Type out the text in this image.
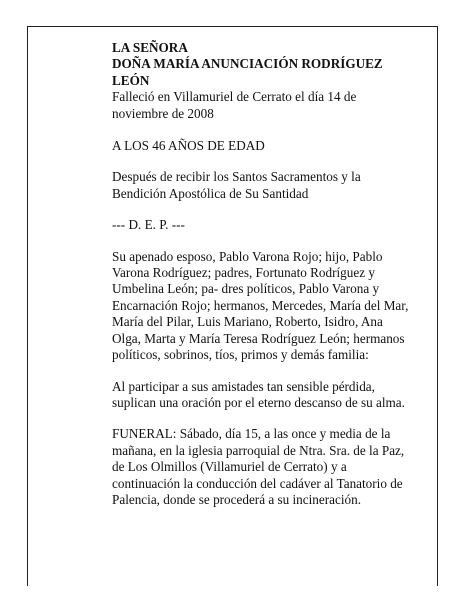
LA SEÑORA

DOÑA MARÍA ANUNCIACIÓN RODRÍGUEZ

LEÓN

Falleció en Villamuriel de Cerrato el día 14 de noviembre de 2008

A LOS 46 AÑOS DE EDAD

Después de recibir los Santos Sacramentos y la Bendición Apostólica de Su Santidad

--- D. E. P. ---

Su apenado esposo, Pablo Varona Rojo; hijo, Pablo Varona Rodríguez; padres, Fortunato Rodríguez y Umbelina León; pa- dres políticos, Pablo Varona y Encarnación Rojo; hermanos, Mercedes, María del Mar, María del Pilar, Luis Mariano, Roberto, Isidro, Ana Olga, Marta y María Teresa Rodríguez León; hermanos políticos, sobrinos, tíos, primos y demás familia:

Al participar a sus amistades tan sensible pérdida, suplican una oración por el eterno descanso de su alma.

FUNERAL: Sábado, día 15, a las once y media de la mañana, en la iglesia parroquial de Ntra. Sra. de la Paz, de Los Olmillos (Villamuriel de Cerrato) y a continuación la conducción del cadáver al Tanatorio de Palencia, donde se procederá a su incineración.
